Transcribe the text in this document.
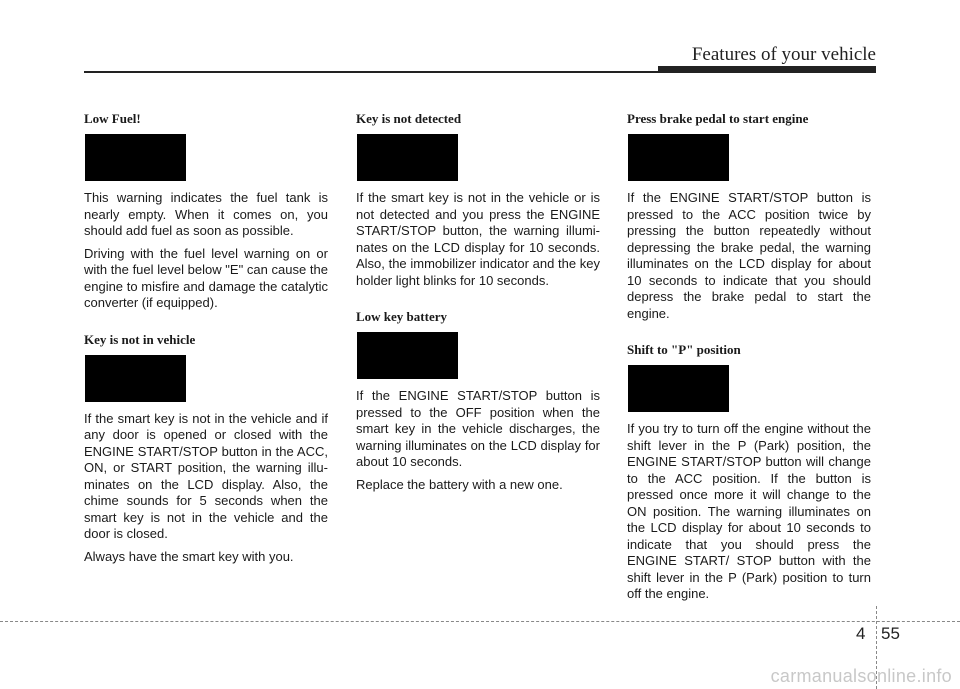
Features of your vehicle
Low Fuel!

This warning indicates the fuel tank is nearly empty. When it comes on, you should add fuel as soon as possible.

Driving with the fuel level warning on or with the fuel level below "E" can cause the engine to misfire and damage the catalytic converter (if equipped).

Key is not in vehicle

If the smart key is not in the vehicle and if any door is opened or closed with the ENGINE START/STOP button in the ACC, ON, or START position, the warning illu-minates on the LCD display. Also, the chime sounds for 5 seconds when the smart key is not in the vehicle and the door is closed.

Always have the smart key with you.

Key is not detected

If the smart key is not in the vehicle or is not detected and you press the ENGINE START/STOP button, the warning illumi-nates on the LCD display for 10 seconds. Also, the immobilizer indicator and the key holder light blinks for 10 seconds.

Low key battery

If the ENGINE START/STOP button is pressed to the OFF position when the smart key in the vehicle discharges, the warning illuminates on the LCD display for about 10 seconds.

Replace the battery with a new one.

Press brake pedal to start engine

If the ENGINE START/STOP button is pressed to the ACC position twice by pressing the button repeatedly without depressing the brake pedal, the warning illuminates on the LCD display for about 10 seconds to indicate that you should depress the brake pedal to start the engine.

Shift to "P" position

If you try to turn off the engine without the shift lever in the P (Park) position, the ENGINE START/STOP button will change to the ACC position. If the button is pressed once more it will change to the ON position. The warning illuminates on the LCD display for about 10 seconds to indicate that you should press the ENGINE START/ STOP button with the shift lever in the P (Park) position to turn off the engine.

4 55
carmanualsonline.info
